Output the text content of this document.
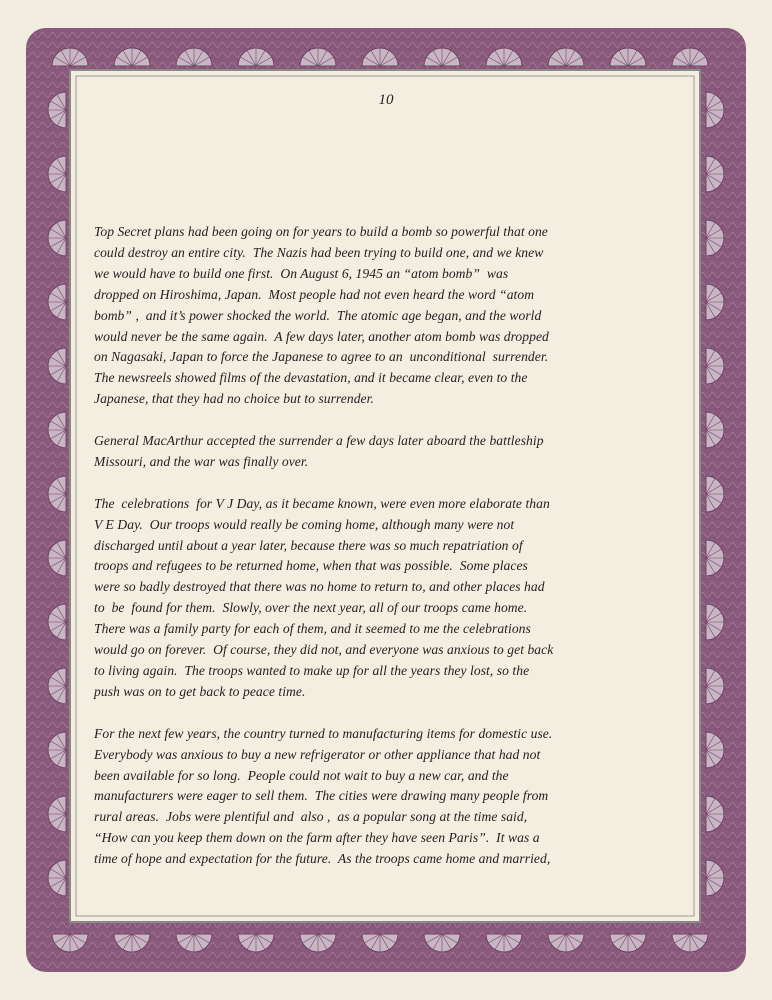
10

Top Secret plans had been going on for years to build a bomb so powerful that one
could destroy an entire city.  The Nazis had been trying to build one, and we knew
we would have to build one first.  On August 6, 1945 an “atom bomb”  was
dropped on Hiroshima, Japan.  Most people had not even heard the word “atom
bomb” ,  and it’s power shocked the world.  The atomic age began, and the world
would never be the same again.  A few days later, another atom bomb was dropped
on Nagasaki, Japan to force the Japanese to agree to an  unconditional  surrender.
The newsreels showed films of the devastation, and it became clear, even to the
Japanese, that they had no choice but to surrender.

General MacArthur accepted the surrender a few days later aboard the battleship
Missouri, and the war was finally over.

The  celebrations  for V J Day, as it became known, were even more elaborate than
V E Day.  Our troops would really be coming home, although many were not
discharged until about a year later, because there was so much repatriation of
troops and refugees to be returned home, when that was possible.  Some places
were so badly destroyed that there was no home to return to, and other places had
to  be  found for them.  Slowly, over the next year, all of our troops came home.
There was a family party for each of them, and it seemed to me the celebrations
would go on forever.  Of course, they did not, and everyone was anxious to get back
to living again.  The troops wanted to make up for all the years they lost, so the
push was on to get back to peace time.

For the next few years, the country turned to manufacturing items for domestic use.
Everybody was anxious to buy a new refrigerator or other appliance that had not
been available for so long.  People could not wait to buy a new car, and the
manufacturers were eager to sell them.  The cities were drawing many people from
rural areas.  Jobs were plentiful and  also ,  as a popular song at the time said,
“How can you keep them down on the farm after they have seen Paris”.  It was a
time of hope and expectation for the future.  As the troops came home and married,
